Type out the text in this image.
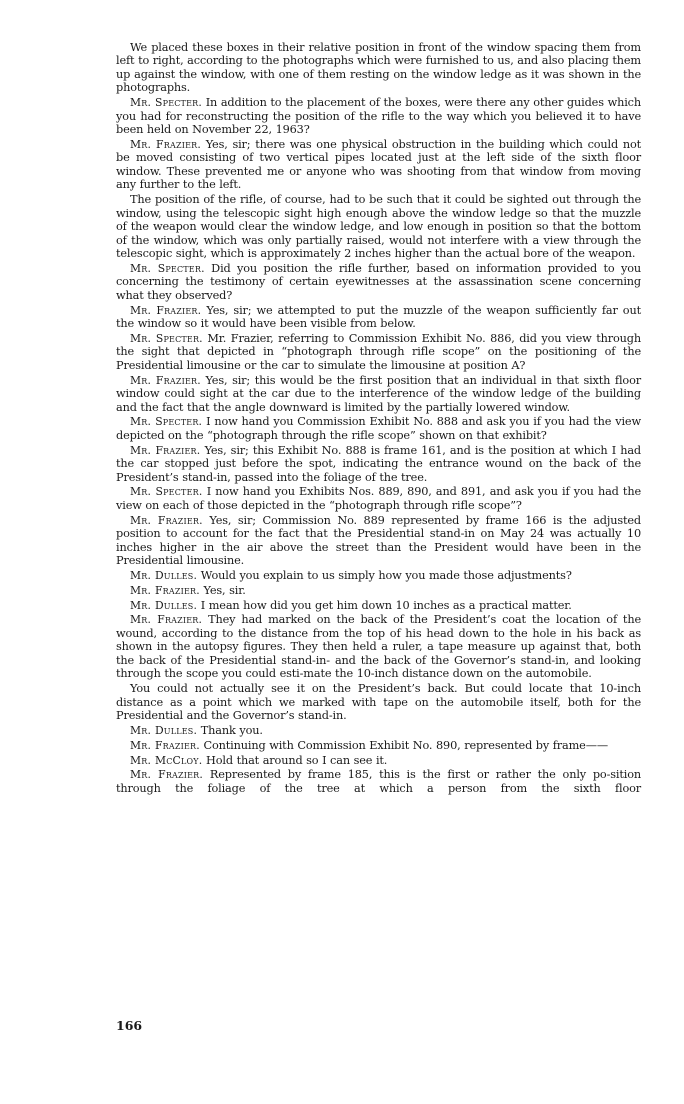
We placed these boxes in their relative position in front of the window spacing them from left to right, according to the photographs which were furnished to us, and also placing them up against the window, with one of them resting on the window ledge as it was shown in the photographs.

Mr. Specter. In addition to the placement of the boxes, were there any other guides which you had for reconstructing the position of the rifle to the way which you believed it to have been held on November 22, 1963?

Mr. Frazier. Yes, sir; there was one physical obstruction in the building which could not be moved consisting of two vertical pipes located just at the left side of the sixth floor window. These prevented me or anyone who was shooting from that window from moving any further to the left.

The position of the rifle, of course, had to be such that it could be sighted out through the window, using the telescopic sight high enough above the window ledge so that the muzzle of the weapon would clear the window ledge, and low enough in position so that the bottom of the window, which was only partially raised, would not interfere with a view through the telescopic sight, which is approximately 2 inches higher than the actual bore of the weapon.

Mr. Specter. Did you position the rifle further, based on information provided to you concerning the testimony of certain eyewitnesses at the assassination scene concerning what they observed?

Mr. Frazier. Yes, sir; we attempted to put the muzzle of the weapon sufficiently far out the window so it would have been visible from below.

Mr. Specter. Mr. Frazier, referring to Commission Exhibit No. 886, did you view through the sight that depicted in “photograph through rifle scope” on the positioning of the Presidential limousine or the car to simulate the limousine at position A?

Mr. Frazier. Yes, sir; this would be the first position that an individual in that sixth floor window could sight at the car due to the interference of the window ledge of the building and the fact that the angle downward is limited by the partially lowered window.

Mr. Specter. I now hand you Commission Exhibit No. 888 and ask you if you had the view depicted on the “photograph through the rifle scope” shown on that exhibit?

Mr. Frazier. Yes, sir; this Exhibit No. 888 is frame 161, and is the position at which I had the car stopped just before the spot, indicating the entrance wound on the back of the President’s stand-in, passed into the foliage of the tree.

Mr. Specter. I now hand you Exhibits Nos. 889, 890, and 891, and ask you if you had the view on each of those depicted in the “photograph through rifle scope”?

Mr. Frazier. Yes, sir; Commission No. 889 represented by frame 166 is the adjusted position to account for the fact that the Presidential stand-in on May 24 was actually 10 inches higher in the air above the street than the President would have been in the Presidential limousine.

Mr. Dulles. Would you explain to us simply how you made those adjustments?

Mr. Frazier. Yes, sir.

Mr. Dulles. I mean how did you get him down 10 inches as a practical matter.

Mr. Frazier. They had marked on the back of the President’s coat the location of the wound, according to the distance from the top of his head down to the hole in his back as shown in the autopsy figures. They then held a ruler, a tape measure up against that, both the back of the Presidential stand-in- and the back of the Governor’s stand-in, and looking through the scope you could esti-mate the 10-inch distance down on the automobile.

You could not actually see it on the President’s back. But could locate that 10-inch distance as a point which we marked with tape on the automobile itself, both for the Presidential and the Governor’s stand-in.

Mr. Dulles. Thank you.

Mr. Frazier. Continuing with Commission Exhibit No. 890, represented by frame——

Mr. McCloy. Hold that around so I can see it.

Mr. Frazier. Represented by frame 185, this is the first or rather the only po-sition through the foliage of the tree at which a person from the sixth floor

166
